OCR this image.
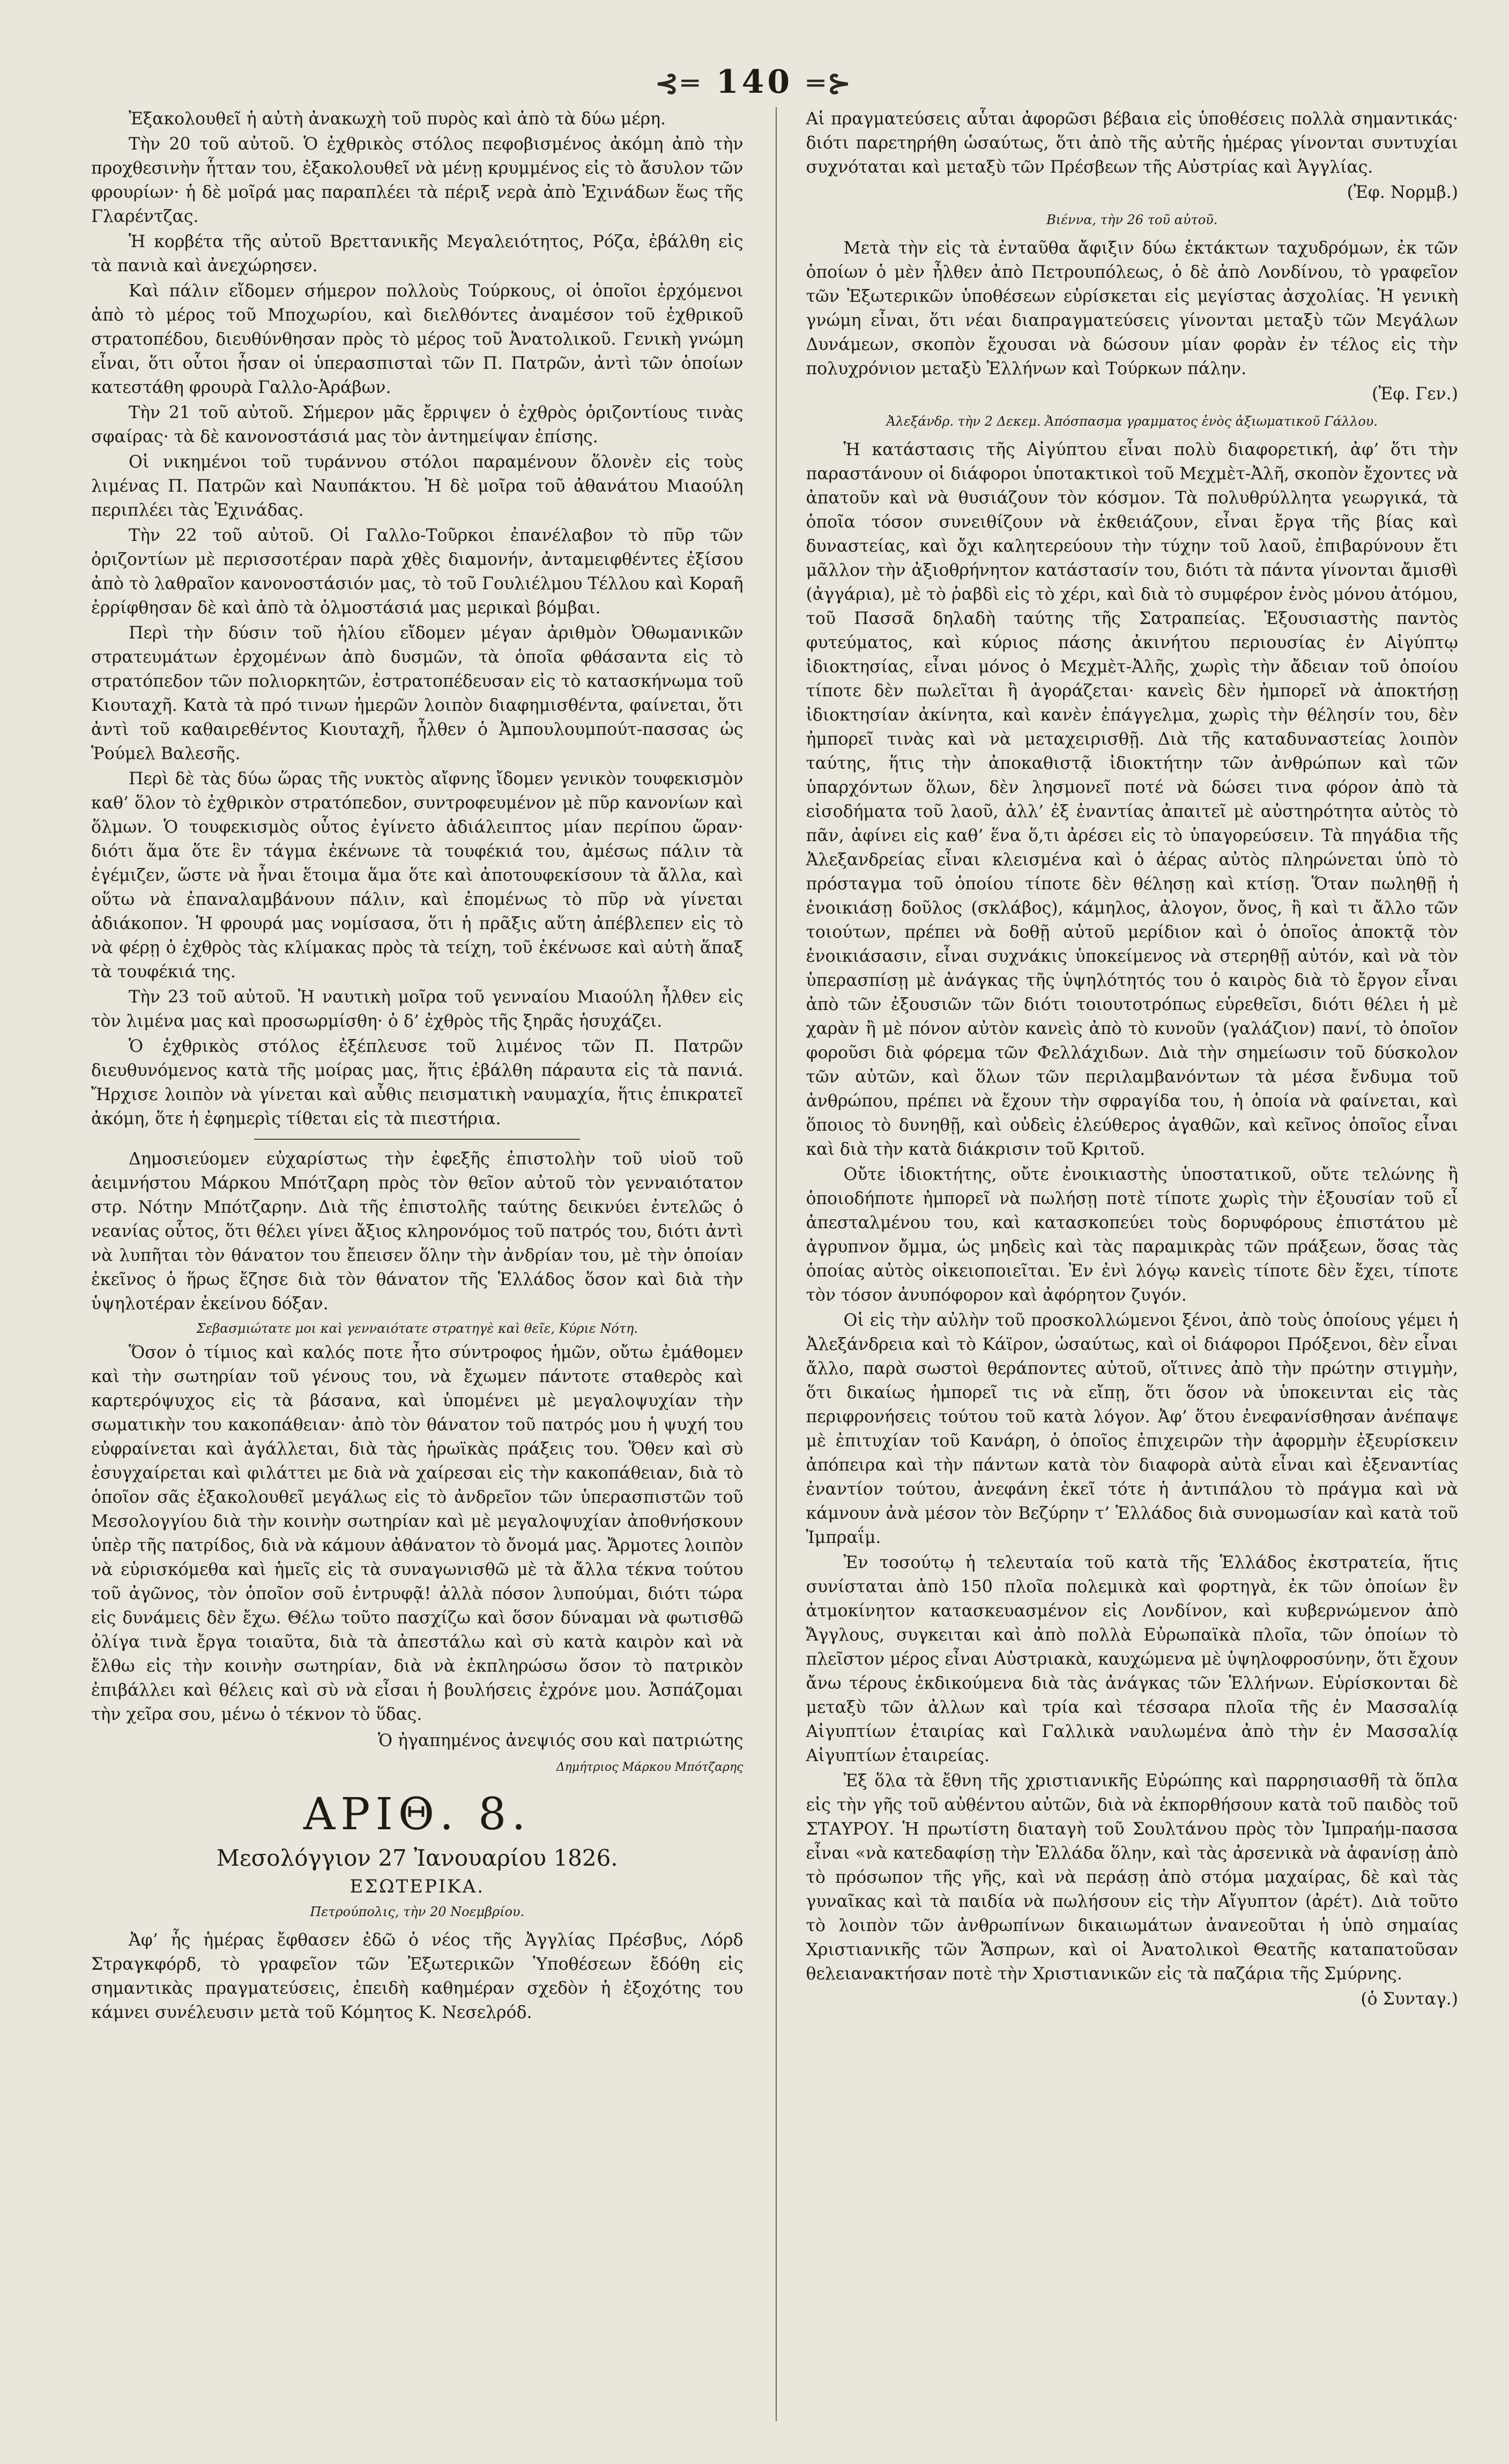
⊰═ 140 ═⊱

Ἐξακολουθεῖ ἡ αὐτὴ ἀνακωχὴ τοῦ πυρὸς καὶ ἀπὸ τὰ δύω μέρη.

Τὴν 20 τοῦ αὐτοῦ. Ὁ ἐχθρικὸς στόλος πεφοβισμένος ἀκόμη ἀπὸ τὴν προχθεσινὴν ἧτταν του, ἐξακολουθεῖ νὰ μένῃ κρυμμένος εἰς τὸ ἄσυλον τῶν φρουρίων· ἡ δὲ μοῖρά μας παραπλέει τὰ πέριξ νερὰ ἀπὸ Ἐχινάδων ἕως τῆς Γλαρέντζας.

Ἡ κορβέτα τῆς αὐτοῦ Βρεττανικῆς Μεγαλειότητος, Ρόζα, ἐβάλθη εἰς τὰ πανιὰ καὶ ἀνεχώρησεν.

Καὶ πάλιν εἴδομεν σήμερον πολλοὺς Τούρκους, οἱ ὁποῖοι ἐρχόμενοι ἀπὸ τὸ μέρος τοῦ Μποχωρίου, καὶ διελθόντες ἀναμέσον τοῦ ἐχθρικοῦ στρατοπέδου, διευθύνθησαν πρὸς τὸ μέρος τοῦ Ἀνατολικοῦ. Γενικὴ γνώμη εἶναι, ὅτι οὗτοι ἦσαν οἱ ὑπερασπισταὶ τῶν Π. Πατρῶν, ἀντὶ τῶν ὁποίων κατεστάθη φρουρὰ Γαλλο-Ἀράβων.

Τὴν 21 τοῦ αὐτοῦ. Σήμερον μᾶς ἔρριψεν ὁ ἐχθρὸς ὁριζοντίους τινὰς σφαίρας· τὰ δὲ κανονοστάσιά μας τὸν ἀντημείψαν ἐπίσης.

Οἱ νικημένοι τοῦ τυράννου στόλοι παραμένουν ὅλονὲν εἰς τοὺς λιμένας Π. Πατρῶν καὶ Ναυπάκτου. Ἡ δὲ μοῖρα τοῦ ἀθανάτου Μιαούλη περιπλέει τὰς Ἐχινάδας.

Τὴν 22 τοῦ αὐτοῦ. Οἱ Γαλλο-Τοῦρκοι ἐπανέλαβον τὸ πῦρ τῶν ὁριζοντίων μὲ περισσοτέραν παρὰ χθὲς διαμονήν, ἀνταμειφθέντες ἐξίσου ἀπὸ τὸ λαθραῖον κανονοστάσιόν μας, τὸ τοῦ Γουλιέλμου Τέλλου καὶ Κοραῆ ἐρρίφθησαν δὲ καὶ ἀπὸ τὰ ὁλμοστάσιά μας μερικαὶ βόμβαι.

Περὶ τὴν δύσιν τοῦ ἡλίου εἴδομεν μέγαν ἀριθμὸν Ὀθωμανικῶν στρατευμάτων ἐρχομένων ἀπὸ δυσμῶν, τὰ ὁποῖα φθάσαντα εἰς τὸ στρατόπεδον τῶν πολιορκητῶν, ἐστρατοπέδευσαν εἰς τὸ κατασκήνωμα τοῦ Κιουταχῆ. Κατὰ τὰ πρό τινων ἡμερῶν λοιπὸν διαφημισθέντα, φαίνεται, ὅτι ἀντὶ τοῦ καθαιρεθέντος Κιουταχῆ, ἦλθεν ὁ Ἀμπουλουμπούτ-πασσας ὡς Ῥούμελ Βαλεσῆς.

Περὶ δὲ τὰς δύω ὥρας τῆς νυκτὸς αἴφνης ἴδομεν γενικὸν τουφεκισμὸν καθ’ ὅλον τὸ ἐχθρικὸν στρατόπεδον, συντροφευμένον μὲ πῦρ κανονίων καὶ ὅλμων. Ὁ τουφεκισμὸς οὗτος ἐγίνετο ἀδιάλειπτος μίαν περίπου ὥραν· διότι ἅμα ὅτε ἓν τάγμα ἐκένωνε τὰ τουφέκιά του, ἀμέσως πάλιν τὰ ἐγέμιζεν, ὥστε νὰ ἦναι ἕτοιμα ἅμα ὅτε καὶ ἀποτουφεκίσουν τὰ ἄλλα, καὶ οὕτω νὰ ἐπαναλαμβάνουν πάλιν, καὶ ἐπομένως τὸ πῦρ νὰ γίνεται ἀδιάκοπον. Ἡ φρουρά μας νομίσασα, ὅτι ἡ πρᾶξις αὕτη ἀπέβλεπεν εἰς τὸ νὰ φέρῃ ὁ ἐχθρὸς τὰς κλίμακας πρὸς τὰ τείχη, τοῦ ἐκένωσε καὶ αὐτὴ ἅπαξ τὰ τουφέκιά της.

Τὴν 23 τοῦ αὐτοῦ. Ἡ ναυτικὴ μοῖρα τοῦ γενναίου Μιαούλη ἦλθεν εἰς τὸν λιμένα μας καὶ προσωρμίσθη· ὁ δ’ ἐχθρὸς τῆς ξηρᾶς ἡσυχάζει.

Ὁ ἐχθρικὸς στόλος ἐξέπλευσε τοῦ λιμένος τῶν Π. Πατρῶν διευθυνόμενος κατὰ τῆς μοίρας μας, ἥτις ἐβάλθη πάραυτα εἰς τὰ πανιά. Ἤρχισε λοιπὸν νὰ γίνεται καὶ αὖθις πεισματικὴ ναυμαχία, ἥτις ἐπικρατεῖ ἀκόμη, ὅτε ἡ ἐφημερὶς τίθεται εἰς τὰ πιεστήρια.

Δημοσιεύομεν εὐχαρίστως τὴν ἐφεξῆς ἐπιστολὴν τοῦ υἱοῦ τοῦ ἀειμνήστου Μάρκου Μπότζαρη πρὸς τὸν θεῖον αὐτοῦ τὸν γενναιότατον στρ. Νότην Μπότζαρην. Διὰ τῆς ἐπιστολῆς ταύτης δεικνύει ἐντελῶς ὁ νεανίας οὗτος, ὅτι θέλει γίνει ἄξιος κληρονόμος τοῦ πατρός του, διότι ἀντὶ νὰ λυπῆται τὸν θάνατον του ἔπεισεν ὅλην τὴν ἀνδρίαν του, μὲ τὴν ὁποίαν ἐκεῖνος ὁ ἥρως ἔζησε διὰ τὸν θάνατον τῆς Ἑλλάδος ὅσον καὶ διὰ τὴν ὑψηλοτέραν ἐκείνου δόξαν.

Σεβασμιώτατε μοι καὶ γενναιότατε στρατηγὲ καὶ θεῖε, Κύριε Νότη.

Ὅσον ὁ τίμιος καὶ καλός ποτε ἦτο σύντροφος ἡμῶν, οὔτω ἐμάθομεν καὶ τὴν σωτηρίαν τοῦ γένους του, νὰ ἔχωμεν πάντοτε σταθερὸς καὶ καρτερόψυχος εἰς τὰ βάσανα, καὶ ὑπομένει μὲ μεγαλοψυχίαν τὴν σωματικὴν του κακοπάθειαν· ἀπὸ τὸν θάνατον τοῦ πατρός μου ἡ ψυχή του εὐφραίνεται καὶ ἀγάλλεται, διὰ τὰς ἡρωϊκὰς πράξεις του. Ὅθεν καὶ σὺ ἐσυγχαίρεται καὶ φιλάττει με διὰ νὰ χαίρεσαι εἰς τὴν κακοπάθειαν, διὰ τὸ ὁποῖον σᾶς ἐξακολουθεῖ μεγάλως εἰς τὸ ἀνδρεῖον τῶν ὑπερασπιστῶν τοῦ Μεσολογγίου διὰ τὴν κοινὴν σωτηρίαν καὶ μὲ μεγαλοψυχίαν ἀποθνήσκουν ὑπὲρ τῆς πατρίδος, διὰ νὰ κάμουν ἀθάνατον τὸ ὄνομά μας. Ἄρμοτες λοιπὸν νὰ εὑρισκόμεθα καὶ ἡμεῖς εἰς τὰ συναγωνισθῶ μὲ τὰ ἄλλα τέκνα τούτου τοῦ ἀγῶνος, τὸν ὁποῖον σοῦ ἐντρυφᾷ! ἀλλὰ πόσον λυπούμαι, διότι τώρα εἰς δυνάμεις δὲν ἔχω. Θέλω τοῦτο πασχίζω καὶ ὅσον δύναμαι νὰ φωτισθῶ ὀλίγα τινὰ ἔργα τοιαῦτα, διὰ τὰ ἀπεστάλω καὶ σὺ κατὰ καιρὸν καὶ νὰ ἔλθω εἰς τὴν κοινὴν σωτηρίαν, διὰ νὰ ἐκπληρώσω ὅσον τὸ πατρικὸν ἐπιβάλλει καὶ θέλεις καὶ σὺ νὰ εἶσαι ἡ βουλήσεις ἐχρόνε μου. Ἀσπάζομαι τὴν χεῖρα σου, μένω ὁ τέκνον τὸ ὕδας.

Ὁ ἠγαπημένος ἀνεψιός σου καὶ πατριώτης

Δημήτριος Μάρκου Μπότζαρης

ΑΡΙΘ. 8.

Μεσολόγγιον 27 Ἰανουαρίου 1826.

ΕΣΩΤΕΡΙΚΑ.

Πετρούπολις, τὴν 20 Νοεμβρίου.

Ἀφ’ ἧς ἡμέρας ἔφθασεν ἐδῶ ὁ νέος τῆς Ἀγγλίας Πρέσβυς, Λόρδ Στραγκφόρδ, τὸ γραφεῖον τῶν Ἐξωτερικῶν Ὑποθέσεων ἔδόθη εἰς σημαντικὰς πραγματεύσεις, ἐπειδὴ καθημέραν σχεδὸν ἡ ἐξοχότης του κάμνει συνέλευσιν μετὰ τοῦ Κόμητος Κ. Νεσελρόδ.

Αἱ πραγματεύσεις αὗται ἀφορῶσι βέβαια εἰς ὑποθέσεις πολλὰ σημαντικάς· διότι παρετηρήθη ὡσαύτως, ὅτι ἀπὸ τῆς αὐτῆς ἡμέρας γίνονται συντυχίαι συχνόταται καὶ μεταξὺ τῶν Πρέσβεων τῆς Αὐστρίας καὶ Ἀγγλίας.

(Ἐφ. Νορμβ.)

Βιέννα, τὴν 26 τοῦ αὐτοῦ.

Μετὰ τὴν εἰς τὰ ἐνταῦθα ἄφιξιν δύω ἐκτάκτων ταχυδρόμων, ἐκ τῶν ὁποίων ὁ μὲν ἦλθεν ἀπὸ Πετρουπόλεως, ὁ δὲ ἀπὸ Λονδίνου, τὸ γραφεῖον τῶν Ἐξωτερικῶν ὑποθέσεων εὑρίσκεται εἰς μεγίστας ἀσχολίας. Ἡ γενικὴ γνώμη εἶναι, ὅτι νέαι διαπραγματεύσεις γίνονται μεταξὺ τῶν Μεγάλων Δυνάμεων, σκοπὸν ἔχουσαι νὰ δώσουν μίαν φορὰν ἐν τέλος εἰς τὴν πολυχρόνιον μεταξὺ Ἑλλήνων καὶ Τούρκων πάλην.

(Ἐφ. Γεν.)

Ἀλεξάνδρ. τὴν 2 Δεκεμ. Ἀπόσπασμα γραμματος ἑνὸς ἀξιωματικοῦ Γάλλου.

Ἡ κατάστασις τῆς Αἰγύπτου εἶναι πολὺ διαφορετική, ἀφ’ ὅτι τὴν παραστάνουν οἱ διάφοροι ὑποτακτικοὶ τοῦ Μεχμὲτ-Ἀλῆ, σκοπὸν ἔχοντες νὰ ἀπατοῦν καὶ νὰ θυσιάζουν τὸν κόσμον. Τὰ πολυθρύλλητα γεωργικά, τὰ ὁποῖα τόσον συνειθίζουν νὰ ἐκθειάζουν, εἶναι ἔργα τῆς βίας καὶ δυναστείας, καὶ ὄχι καλητερεύουν τὴν τύχην τοῦ λαοῦ, ἐπιβαρύνουν ἔτι μᾶλλον τὴν ἀξιοθρήνητον κατάστασίν του, διότι τὰ πάντα γίνονται ἄμισθὶ (ἀγγάρια), μὲ τὸ ῥαβδὶ εἰς τὸ χέρι, καὶ διὰ τὸ συμφέρον ἑνὸς μόνου ἀτόμου, τοῦ Πασσᾶ δηλαδὴ ταύτης τῆς Σατραπείας. Ἐξουσιαστὴς παντὸς φυτεύματος, καὶ κύριος πάσης ἀκινήτου περιουσίας ἐν Αἰγύπτῳ ἰδιοκτησίας, εἶναι μόνος ὁ Μεχμὲτ-Ἀλῆς, χωρὶς τὴν ἄδειαν τοῦ ὁποίου τίποτε δὲν πωλεῖται ἢ ἀγοράζεται· κανεὶς δὲν ἠμπορεῖ νὰ ἀποκτήσῃ ἰδιοκτησίαν ἀκίνητα, καὶ κανὲν ἐπάγγελμα, χωρὶς τὴν θέλησίν του, δὲν ἠμπορεῖ τινὰς καὶ νὰ μεταχειρισθῇ. Διὰ τῆς καταδυναστείας λοιπὸν ταύτης, ἥτις τὴν ἀποκαθιστᾷ ἰδιοκτήτην τῶν ἀνθρώπων καὶ τῶν ὑπαρχόντων ὅλων, δὲν λησμονεῖ ποτέ νὰ δώσει τινα φόρον ἀπὸ τὰ εἰσοδήματα τοῦ λαοῦ, ἀλλ’ ἐξ ἐναντίας ἀπαιτεῖ μὲ αὐστηρότητα αὐτὸς τὸ πᾶν, ἀφίνει εἰς καθ’ ἕνα ὅ,τι ἀρέσει εἰς τὸ ὑπαγορεύσειν. Τὰ πηγάδια τῆς Ἀλεξανδρείας εἶναι κλεισμένα καὶ ὁ ἀέρας αὐτὸς πληρώνεται ὑπὸ τὸ πρόσταγμα τοῦ ὁποίου τίποτε δὲν θέλησῃ καὶ κτίσῃ. Ὅταν πωληθῇ ἡ ἐνοικιάσῃ δοῦλος (σκλάβος), κάμηλος, ἀλογον, ὄνος, ἢ καὶ τι ἄλλο τῶν τοιούτων, πρέπει νὰ δοθῇ αὐτοῦ μερίδιον καὶ ὁ ὁποῖος ἀποκτᾷ τὸν ἐνοικιάσασιν, εἶναι συχνάκις ὑποκείμενος νὰ στερηθῇ αὐτόν, καὶ νὰ τὸν ὑπερασπίσῃ μὲ ἀνάγκας τῆς ὑψηλότητός του ὁ καιρὸς διὰ τὸ ἔργον εἶναι ἀπὸ τῶν ἐξουσιῶν τῶν διότι τοιουτοτρόπως εὑρεθεῖσι, διότι θέλει ἡ μὲ χαρὰν ἢ μὲ πόνον αὐτὸν κανεὶς ἀπὸ τὸ κυνοῦν (γαλάζιον) πανί, τὸ ὁποῖον φοροῦσι διὰ φόρεμα τῶν Φελλάχιδων. Διὰ τὴν σημείωσιν τοῦ δύσκολον τῶν αὐτῶν, καὶ ὅλων τῶν περιλαμβανόντων τὰ μέσα ἔνδυμα τοῦ ἀνθρώπου, πρέπει νὰ ἔχουν τὴν σφραγίδα του, ἡ ὁποία νὰ φαίνεται, καὶ ὅποιος τὸ δυνηθῇ, καὶ οὐδεὶς ἐλεύθερος ἀγαθῶν, καὶ κεῖνος ὁποῖος εἶναι καὶ διὰ τὴν κατὰ διάκρισιν τοῦ Κριτοῦ.

Οὔτε ἰδιοκτήτης, οὔτε ἐνοικιαστὴς ὑποστατικοῦ, οὔτε τελώνης ἢ ὁποιοδήποτε ἠμπορεῖ νὰ πωλήσῃ ποτὲ τίποτε χωρὶς τὴν ἐξουσίαν τοῦ εἶ ἀπεσταλμένου του, καὶ κατασκοπεύει τοὺς δορυφόρους ἐπιστάτου μὲ ἀγρυπνον ὄμμα, ὡς μηδεὶς καὶ τὰς παραμικρὰς τῶν πράξεων, ὅσας τὰς ὁποίας αὐτὸς οἰκειοποιεῖται. Ἐν ἐνὶ λόγῳ κανεὶς τίποτε δὲν ἔχει, τίποτε τὸν τόσον ἀνυπόφορον καὶ ἀφόρητον ζυγόν.

Οἱ εἰς τὴν αὐλὴν τοῦ προσκολλώμενοι ξένοι, ἀπὸ τοὺς ὁποίους γέμει ἡ Ἀλεξάνδρεια καὶ τὸ Κάϊρον, ὡσαύτως, καὶ οἱ διάφοροι Πρόξενοι, δὲν εἶναι ἄλλο, παρὰ σωστοὶ θεράποντες αὐτοῦ, οἵτινες ἀπὸ τὴν πρώτην στιγμὴν, ὅτι δικαίως ἠμπορεῖ τις νὰ εἴπῃ, ὅτι ὅσον νὰ ὑποκεινται εἰς τὰς περιφρονήσεις τούτου τοῦ κατὰ λόγον. Ἀφ’ ὅτου ἐνεφανίσθησαν ἀνέπαψε μὲ ἐπιτυχίαν τοῦ Κανάρη, ὁ ὁποῖος ἐπιχειρῶν τὴν ἀφορμὴν ἐξευρίσκειν ἀπόπειρα καὶ τὴν πάντων κατὰ τὸν διαφορὰ αὐτὰ εἶναι καὶ ἐξεναντίας ἐναντίον τούτου, ἀνεφάνη ἐκεῖ τότε ἡ ἀντιπάλου τὸ πράγμα καὶ νὰ κάμνουν ἀνὰ μέσον τὸν Βεζύρην τ’ Ἑλλάδος διὰ συνομωσίαν καὶ κατὰ τοῦ Ἱμπραΐμ.

Ἐν τοσούτῳ ἡ τελευταία τοῦ κατὰ τῆς Ἑλλάδος ἐκστρατεία, ἥτις συνίσταται ἀπὸ 150 πλοῖα πολεμικὰ καὶ φορτηγὰ, ἐκ τῶν ὁποίων ἓν ἀτμοκίνητον κατασκευασμένον εἰς Λονδίνον, καὶ κυβερνώμενον ἀπὸ Ἄγγλους, συγκειται καὶ ἀπὸ πολλὰ Εὐρωπαϊκὰ πλοῖα, τῶν ὁποίων τὸ πλεῖστον μέρος εἶναι Αὐστριακὰ, καυχώμενα μὲ ὑψηλοφροσύνην, ὅτι ἔχουν ἄνω τέρους ἐκδικούμενα διὰ τὰς ἀνάγκας τῶν Ἑλλήνων. Εὑρίσκονται δὲ μεταξὺ τῶν ἀλλων καὶ τρία καὶ τέσσαρα πλοῖα τῆς ἐν Μασσαλίᾳ Αἰγυπτίων ἑταιρίας καὶ Γαλλικὰ ναυλωμένα ἀπὸ τὴν ἐν Μασσαλίᾳ Αἰγυπτίων ἑταιρείας.

Ἐξ ὅλα τὰ ἔθνη τῆς χριστιανικῆς Εὐρώπης καὶ παρρησιασθῆ τὰ ὅπλα εἰς τὴν γῆς τοῦ αὐθέντου αὐτῶν, διὰ νὰ ἐκπορθήσουν κατὰ τοῦ παιδὸς τοῦ ΣΤΑΥΡΟΥ. Ἡ πρωτίστη διαταγὴ τοῦ Σουλτάνου πρὸς τὸν Ἰμπραήμ-πασσα εἶναι «νὰ κατεδαφίσῃ τὴν Ἑλλάδα ὅλην, καὶ τὰς ἀρσενικὰ νὰ ἀφανίσῃ ἀπὸ τὸ πρόσωπον τῆς γῆς, καὶ νὰ περάσῃ ἀπὸ στόμα μαχαίρας, δὲ καὶ τὰς γυναῖκας καὶ τὰ παιδία νὰ πωλήσουν εἰς τὴν Αἴγυπτον (ἀρέτ). Διὰ τοῦτο τὸ λοιπὸν τῶν ἀνθρωπίνων δικαιωμάτων ἀνανεοῦται ἡ ὑπὸ σημαίας Χριστιανικῆς τῶν Ἄσπρων, καὶ οἱ Ἀνατολικοὶ Θεατῆς καταπατοῦσαν θελειανακτήσαν ποτὲ τὴν Χριστιανικῶν εἰς τὰ παζάρια τῆς Σμύρνης.

(ὁ Συνταγ.)
